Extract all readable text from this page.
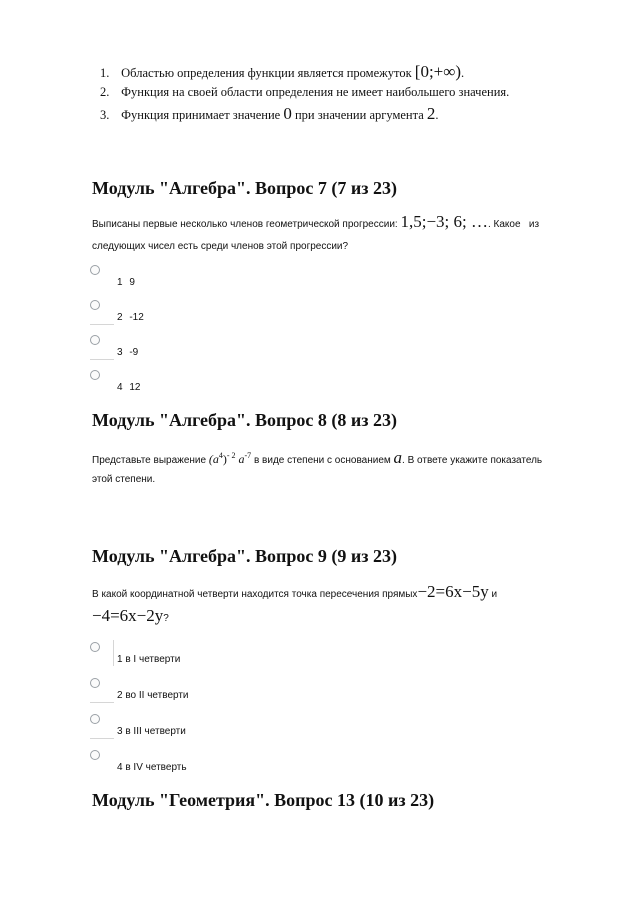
1. Областью определения функции является промежуток [0;+∞).
2. Функция на своей области определения не имеет наибольшего значения.
3. Функция принимает значение 0 при значении аргумента 2.
Модуль "Алгебра". Вопрос 7 (7 из 23)
Выписаны первые несколько членов геометрической прогрессии: 1,5;−3; 6; …. Какое   из
следующих чисел есть среди членов этой прогрессии?
1 9
2 -12
3 -9
4 12
Модуль "Алгебра". Вопрос 8 (8 из 23)
Представьте выражение $(a^4)^{- 2}$ $a^{-7}$ в виде степени с основанием a. В ответе укажите показатель
этой степени.
Модуль "Алгебра". Вопрос 9 (9 из 23)
В какой координатной четверти находится точка пересечения прямых−2=6x−5y и
−4=6x−2y?
1 в I четверти
2 во II четверти
3 в III четверти
4 в IV четверть
Модуль "Геометрия". Вопрос 13 (10 из 23)
